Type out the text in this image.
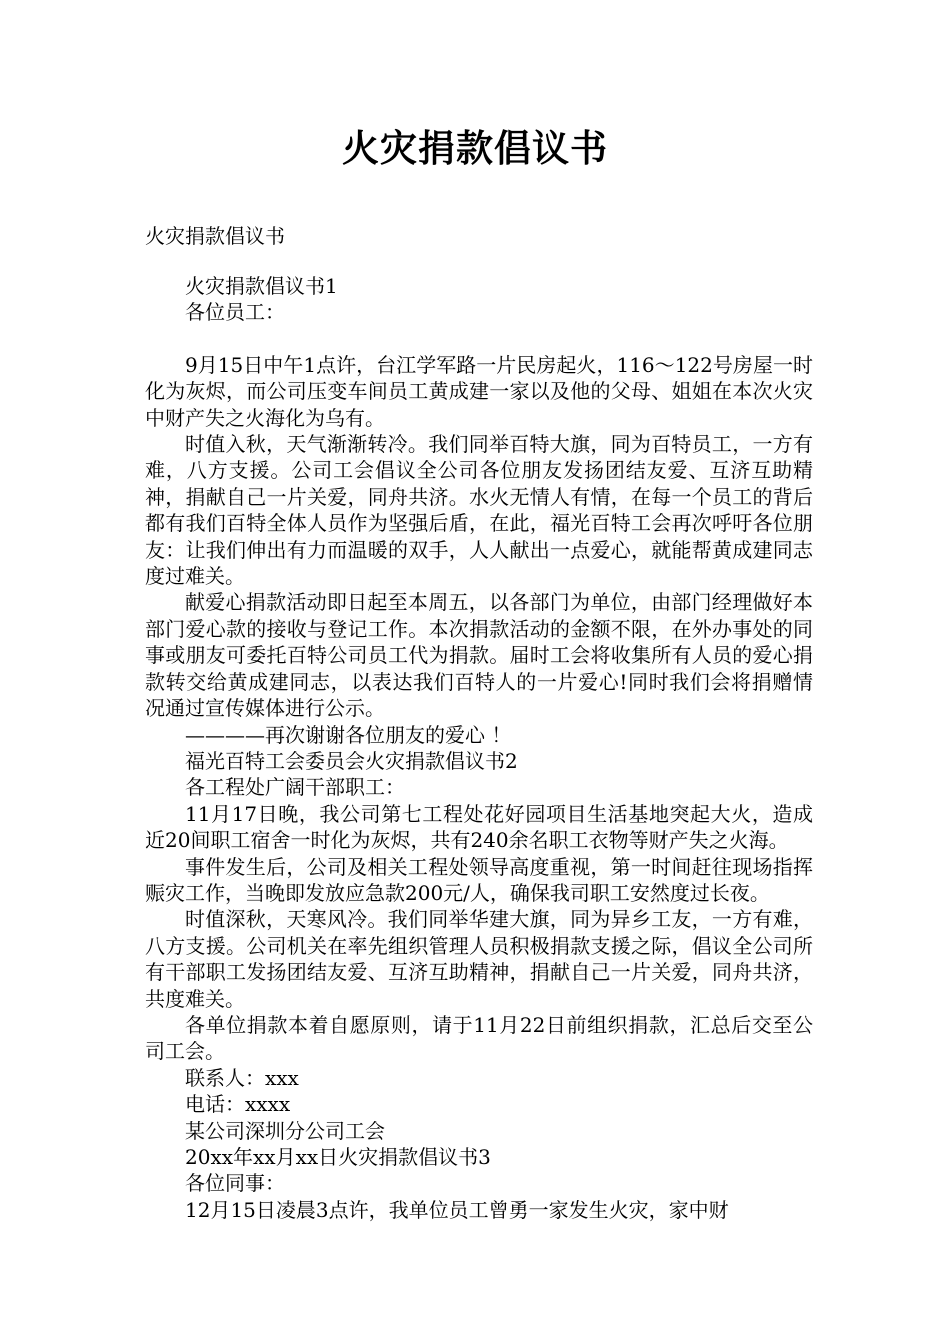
火灾捐款倡议书
火灾捐款倡议书

火灾捐款倡议书1

各位员工：

9月15日中午1点许，台江学军路一片民房起火，116～122号房屋一时化为灰烬，而公司压变车间员工黄成建一家以及他的父母、姐姐在本次火灾中财产失之火海化为乌有。

时值入秋，天气渐渐转冷。我们同举百特大旗，同为百特员工，一方有难，八方支援。公司工会倡议全公司各位朋友发扬团结友爱、互济互助精神，捐献自己一片关爱，同舟共济。水火无情人有情，在每一个员工的背后都有我们百特全体人员作为坚强后盾，在此，福光百特工会再次呼吁各位朋友：让我们伸出有力而温暖的双手，人人献出一点爱心，就能帮黄成建同志度过难关。

献爱心捐款活动即日起至本周五，以各部门为单位，由部门经理做好本部门爱心款的接收与登记工作。本次捐款活动的金额不限，在外办事处的同事或朋友可委托百特公司员工代为捐款。届时工会将收集所有人员的爱心捐款转交给黄成建同志，以表达我们百特人的一片爱心!同时我们会将捐赠情况通过宣传媒体进行公示。

————再次谢谢各位朋友的爱心 ！

福光百特工会委员会火灾捐款倡议书2

各工程处广阔干部职工：

11月17日晚，我公司第七工程处花好园项目生活基地突起大火，造成近20间职工宿舍一时化为灰烬，共有240余名职工衣物等财产失之火海。

事件发生后，公司及相关工程处领导高度重视，第一时间赶往现场指挥赈灾工作，当晚即发放应急款200元/人，确保我司职工安然度过长夜。

时值深秋，天寒风冷。我们同举华建大旗，同为异乡工友，一方有难，八方支援。公司机关在率先组织管理人员积极捐款支援之际，倡议全公司所有干部职工发扬团结友爱、互济互助精神，捐献自己一片关爱，同舟共济，共度难关。

各单位捐款本着自愿原则，请于11月22日前组织捐款，汇总后交至公司工会。

联系人：xxx

电话：xxxx

某公司深圳分公司工会

20xx年xx月xx日火灾捐款倡议书3

各位同事：

12月15日凌晨3点许，我单位员工曾勇一家发生火灾，家中财
